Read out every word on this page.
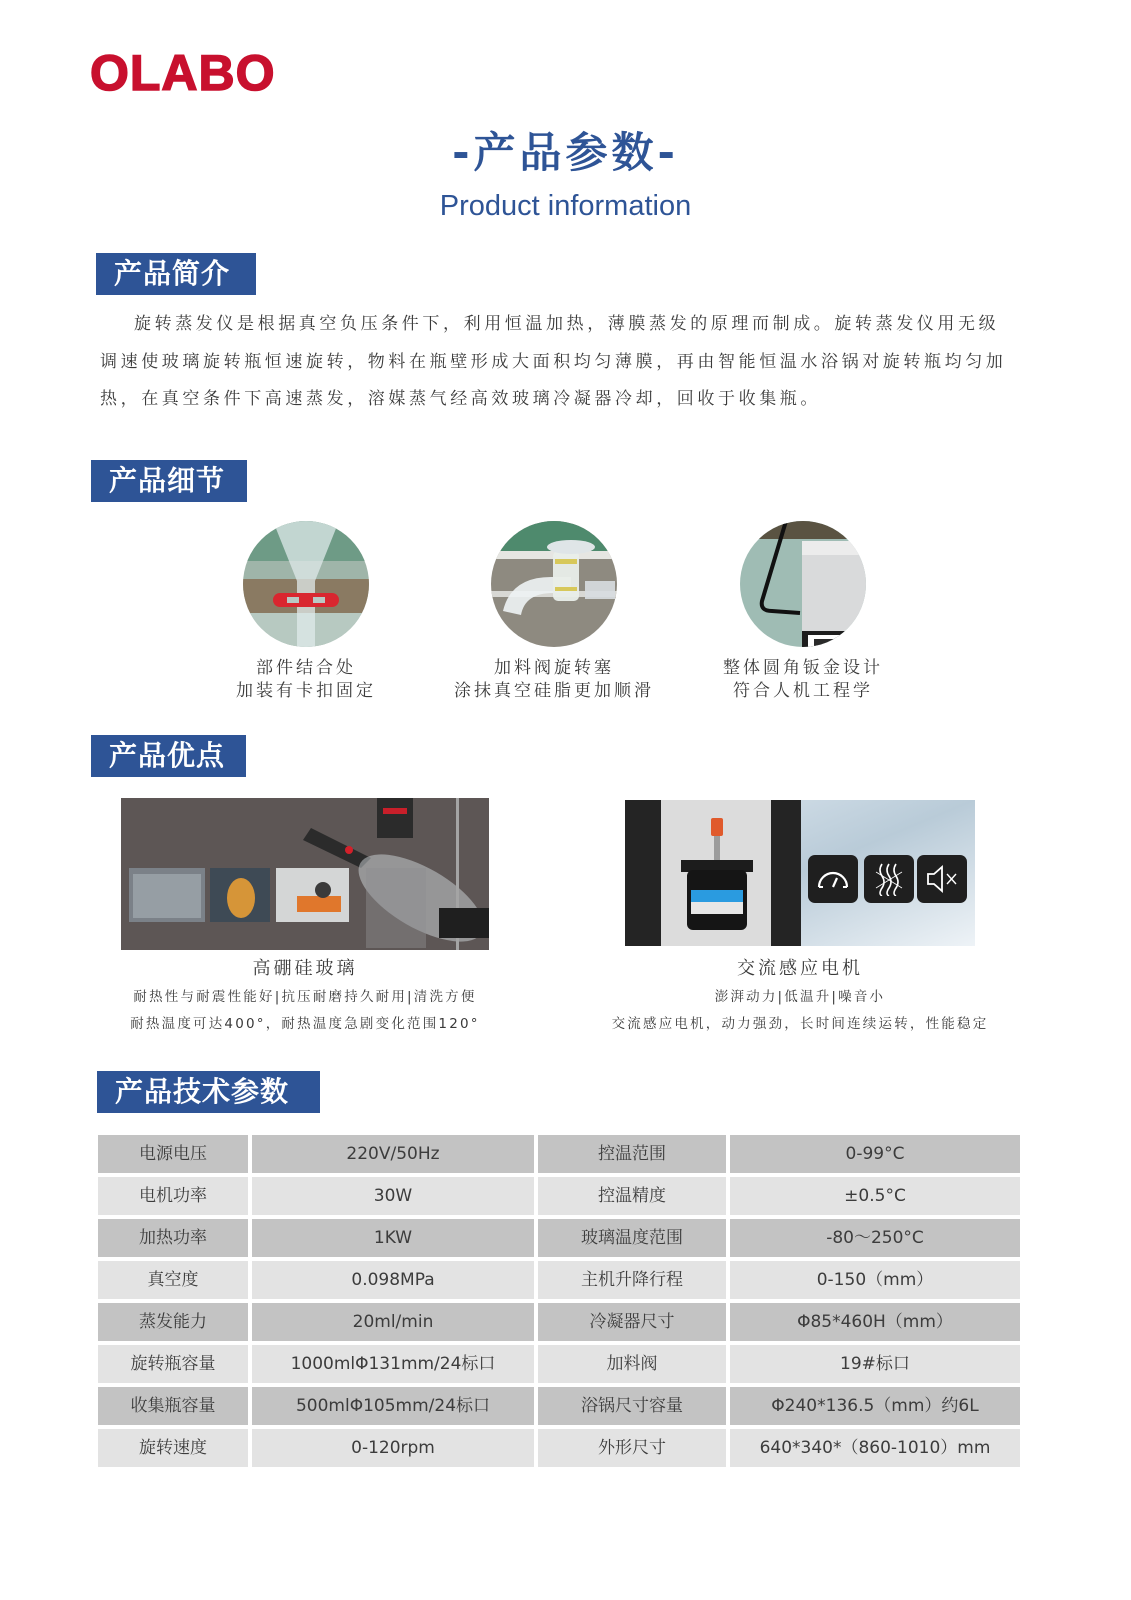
OLABO
-产品参数-
Product information
产品简介

旋转蒸发仪是根据真空负压条件下，利用恒温加热，薄膜蒸发的原理而制成。旋转蒸发仪用无级调速使玻璃旋转瓶恒速旋转，物料在瓶壁形成大面积均匀薄膜，再由智能恒温水浴锅对旋转瓶均匀加热，在真空条件下高速蒸发，溶媒蒸气经高效玻璃冷凝器冷却，回收于收集瓶。

产品细节
部件结合处
加装有卡扣固定
加料阀旋转塞
涂抹真空硅脂更加顺滑
整体圆角钣金设计
符合人机工程学
产品优点
高硼硅玻璃
耐热性与耐震性能好|抗压耐磨持久耐用|清洗方便
耐热温度可达400°，耐热温度急剧变化范围120°
交流感应电机
澎湃动力|低温升|噪音小
交流感应电机，动力强劲，长时间连续运转，性能稳定
产品技术参数
电源电压	220V/50Hz	控温范围	0-99°C
电机功率	30W	控温精度	±0.5°C
加热功率	1KW	玻璃温度范围	-80～250°C
真空度	0.098MPa	主机升降行程	0-150（mm）
蒸发能力	20ml/min	冷凝器尺寸	Φ85*460H（mm）
旋转瓶容量	1000mlΦ131mm/24标口	加料阀	19#标口
收集瓶容量	500mlΦ105mm/24标口	浴锅尺寸容量	Φ240*136.5（mm）约6L
旋转速度	0-120rpm	外形尺寸	640*340*（860-1010）mm
